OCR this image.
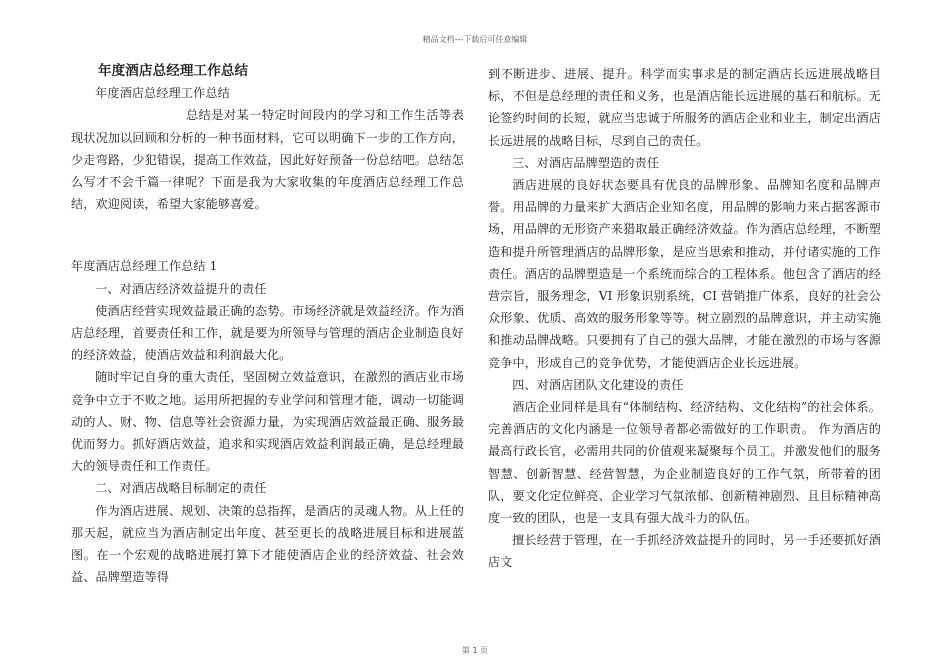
精品文档---下载后可任意编辑

年度酒店总经理工作总结

年度酒店总经理工作总结

总结是对某一特定时间段内的学习和工作生活等表现状况加以回顾和分析的一种书面材料，它可以明确下一步的工作方向，少走弯路，少犯错误，提高工作效益，因此好好预备一份总结吧。总结怎么写才不会千篇一律呢？下面是我为大家收集的年度酒店总经理工作总结，欢迎阅读，希望大家能够喜爱。

年度酒店总经理工作总结 1

一、对酒店经济效益提升的责任

使酒店经营实现效益最正确的态势。市场经济就是效益经济。作为酒店总经理，首要责任和工作，就是要为所领导与管理的酒店企业制造良好的经济效益，使酒店效益和利润最大化。

随时牢记自身的重大责任，坚固树立效益意识，在激烈的酒店业市场竞争中立于不败之地。运用所把握的专业学问和管理才能，调动一切能调动的人、财、物、信息等社会资源力量，为实现酒店效益最正确、服务最优而努力。抓好酒店效益，追求和实现酒店效益利润最正确，是总经理最大的领导责任和工作责任。

二、对酒店战略目标制定的责任

作为酒店进展、规划、决策的总指挥，是酒店的灵魂人物。从上任的那天起，就应当为酒店制定出年度、甚至更长的战略进展目标和进展蓝图。在一个宏观的战略进展打算下才能使酒店企业的经济效益、社会效益、品牌塑造等得

到不断进步、进展、提升。科学而实事求是的制定酒店长远进展战略目标，不但是总经理的责任和义务，也是酒店能长远进展的基石和航标。无论签约时间的长短，就应当忠诚于所服务的酒店企业和业主，制定出酒店长远进展的战略目标，尽到自己的责任。

三、对酒店品牌塑造的责任

酒店进展的良好状态要具有优良的品牌形象、品牌知名度和品牌声誉。用品牌的力量来扩大酒店企业知名度，用品牌的影响力来占据客源市场，用品牌的无形资产来猎取最正确经济效益。作为酒店总经理，不断塑造和提升所管理酒店的品牌形象，是应当思索和推动，并付诸实施的工作责任。酒店的品牌塑造是一个系统而综合的工程体系。他包含了酒店的经营宗旨，服务理念，VI 形象识别系统，CI 营销推广体系，良好的社会公众形象、优质、高效的服务形象等等。树立剧烈的品牌意识，并主动实施和推动品牌战略。只要拥有了自己的强大品牌，才能在激烈的市场与客源竞争中，形成自己的竞争优势，才能使酒店企业长远进展。

四、对酒店团队文化建设的责任

酒店企业同样是具有“体制结构、经济结构、文化结构”的社会体系。完善酒店的文化内涵是一位领导者都必需做好的工作职责。 作为酒店的最高行政长官，必需用共同的价值观来凝聚每个员工。并激发他们的服务智慧、创新智慧、经营智慧，为企业制造良好的工作气氛，所带着的团队，要文化定位鲜亮、企业学习气氛浓郁、创新精神剧烈、且目标精神高度一致的团队，也是一支具有强大战斗力的队伍。

擅长经营于管理，在一手抓经济效益提升的同时，另一手还要抓好酒店文

第 1 页
